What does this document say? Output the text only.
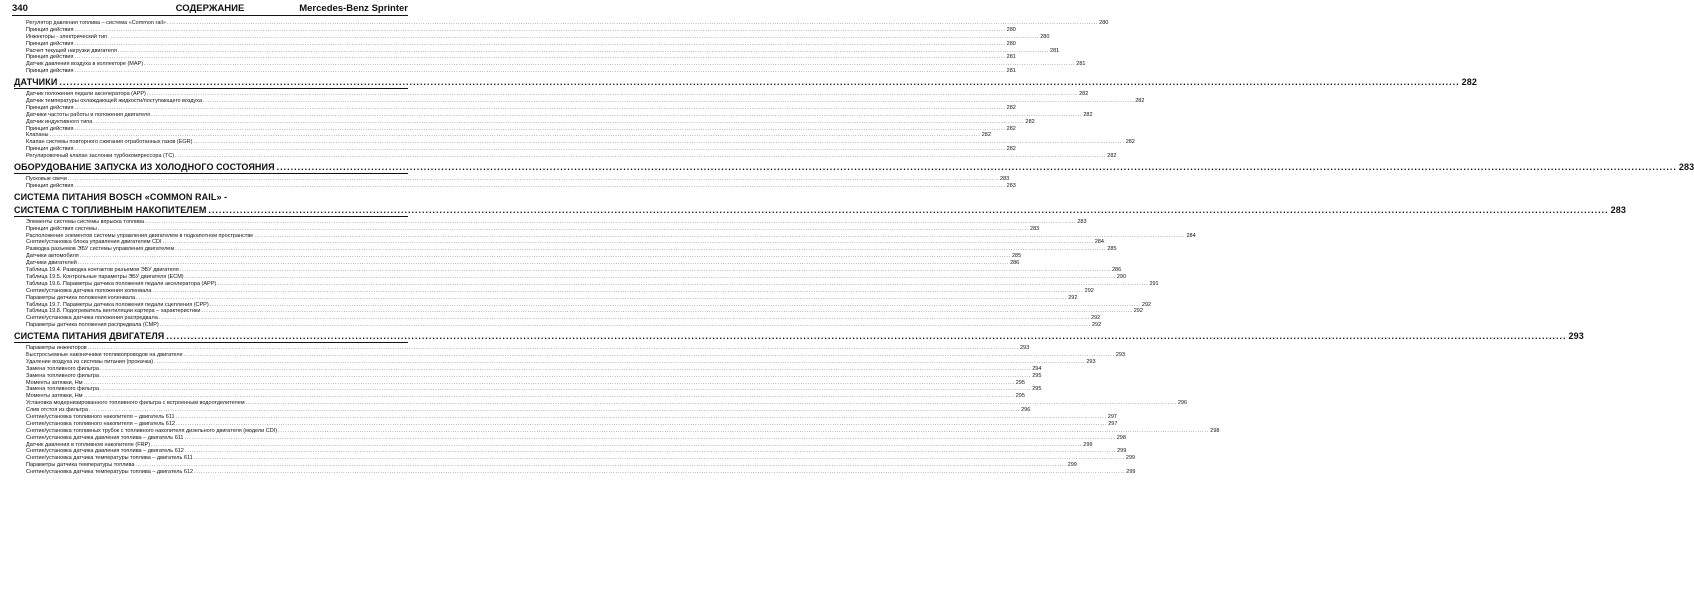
340	СОДЕРЖАНИЕ	Mercedes-Benz Sprinter
Регулятор давления топлива – система «Common rail» ................................................................................................................................................................................................................................................................................................................................................................................................................ 280
Принцип действия ................................................................................................................................................................................................................................................................................................................................................................................................................ 280
Инжекторы - электрический тип ................................................................................................................................................................................................................................................................................................................................................................................................................ 280
Принцип действия ................................................................................................................................................................................................................................................................................................................................................................................................................ 280
Расчет текущей нагрузки двигателя ................................................................................................................................................................................................................................................................................................................................................................................................................ 281
Принцип действия ................................................................................................................................................................................................................................................................................................................................................................................................................ 281
Датчик давления воздуха в коллекторе (MAP) ................................................................................................................................................................................................................................................................................................................................................................................................................ 281
Принцип действия ................................................................................................................................................................................................................................................................................................................................................................................................................ 281
ДАТЧИКИ ................................................................................................................................................................................................................................................................................................................................................................................................................ 282
Датчик положения педали акселератора (APP) ................................................................................................................................................................................................................................................................................................................................................................................................................ 282
Датчик температуры охлаждающей жидкости/поступающего воздуха ................................................................................................................................................................................................................................................................................................................................................................................................................ 282
Принцип действия ................................................................................................................................................................................................................................................................................................................................................................................................................ 282
Датчики частоты работы и положения двигателя ................................................................................................................................................................................................................................................................................................................................................................................................................ 282
Датчик индуктивного типа ................................................................................................................................................................................................................................................................................................................................................................................................................ 282
Принцип действия ................................................................................................................................................................................................................................................................................................................................................................................................................ 282
Клапаны ................................................................................................................................................................................................................................................................................................................................................................................................................ 282
Клапан системы повторного сжигания отработанных газов (EGR) ................................................................................................................................................................................................................................................................................................................................................................................................................ 282
Принцип действия ................................................................................................................................................................................................................................................................................................................................................................................................................ 282
Регулировочный клапан заслонки турбокомпрессора (TC) ................................................................................................................................................................................................................................................................................................................................................................................................................ 282
ОБОРУДОВАНИЕ ЗАПУСКА ИЗ ХОЛОДНОГО СОСТОЯНИЯ ................................................................................................................................................................................................................................................................................................................................................................................................................ 283
Пусковые свечи ................................................................................................................................................................................................................................................................................................................................................................................................................ 283
Принцип действия ................................................................................................................................................................................................................................................................................................................................................................................................................ 283
СИСТЕМА ПИТАНИЯ BOSCH «COMMON RAIL» -
СИСТЕМА С ТОПЛИВНЫМ НАКОПИТЕЛЕМ ................................................................................................................................................................................................................................................................................................................................................................................................................ 283
Элементы системы системы впрыска топлива ................................................................................................................................................................................................................................................................................................................................................................................................................ 283
Принцип действия системы ................................................................................................................................................................................................................................................................................................................................................................................................................ 283
Расположение элементов системы управления двигателем в подкапотном пространстве ................................................................................................................................................................................................................................................................................................................................................................................................................ 284
Снятие/установка блока управления двигателем CDI ................................................................................................................................................................................................................................................................................................................................................................................................................ 284
Разводка разъемов ЭБУ системы управления двигателем ................................................................................................................................................................................................................................................................................................................................................................................................................ 285
Датчики автомобиля ................................................................................................................................................................................................................................................................................................................................................................................................................ 285
Датчики двигателей ................................................................................................................................................................................................................................................................................................................................................................................................................ 286
Таблица 19.4. Разводка контактов разъемов ЭБУ двигателя ................................................................................................................................................................................................................................................................................................................................................................................................................ 286
Таблица 19.5. Контрольные параметры ЭБУ двигателя (ECM) ................................................................................................................................................................................................................................................................................................................................................................................................................ 290
Таблица 19.6. Параметры датчика положения педали акселератора (APP) ................................................................................................................................................................................................................................................................................................................................................................................................................ 291
Снятие/установка датчика положения коленвала ................................................................................................................................................................................................................................................................................................................................................................................................................ 292
Параметры датчика положения коленвала ................................................................................................................................................................................................................................................................................................................................................................................................................ 292
Таблица 19.7. Параметры датчика положения педали сцепления (CPP) ................................................................................................................................................................................................................................................................................................................................................................................................................ 292
Таблица 19.8. Подогреватель вентиляции картера – характеристики ................................................................................................................................................................................................................................................................................................................................................................................................................ 292
Снятие/установка датчика положения распредвала ................................................................................................................................................................................................................................................................................................................................................................................................................ 292
Параметры датчика положения распредвала (CMP) ................................................................................................................................................................................................................................................................................................................................................................................................................ 292
СИСТЕМА ПИТАНИЯ ДВИГАТЕЛЯ ................................................................................................................................................................................................................................................................................................................................................................................................................ 293
Параметры инжекторов ................................................................................................................................................................................................................................................................................................................................................................................................................ 293
Быстросъемные наконечники топливопроводов на двигателе ................................................................................................................................................................................................................................................................................................................................................................................................................ 293
Удаление воздуха из системы питания (прокачка) ................................................................................................................................................................................................................................................................................................................................................................................................................ 293
Замена топливного фильтра ................................................................................................................................................................................................................................................................................................................................................................................................................ 294
Замена топливного фильтра ................................................................................................................................................................................................................................................................................................................................................................................................................ 295
Моменты затяжки, Нм ................................................................................................................................................................................................................................................................................................................................................................................................................ 295
Замена топливного фильтра ................................................................................................................................................................................................................................................................................................................................................................................................................ 295
Моменты затяжки, Нм ................................................................................................................................................................................................................................................................................................................................................................................................................ 295
Установка модернизированного топливного фильтра с встроенным водоотделителем ................................................................................................................................................................................................................................................................................................................................................................................................................ 296
Слив отстоя из фильтра ................................................................................................................................................................................................................................................................................................................................................................................................................ 296
Снятие/установка топливного накопителя – двигатель 611 ................................................................................................................................................................................................................................................................................................................................................................................................................ 297
Снятие/установка топливного накопителя – двигатель 612 ................................................................................................................................................................................................................................................................................................................................................................................................................ 297
Снятие/установка топливных трубок с топливного накопителя дизельного двигателя (модели CDI) ................................................................................................................................................................................................................................................................................................................................................................................................................ 298
Снятие/установка датчика давления топлива – двигатель 611 ................................................................................................................................................................................................................................................................................................................................................................................................................ 298
Датчик давления в топливном накопителе (FRP) ................................................................................................................................................................................................................................................................................................................................................................................................................ 299
Снятие/установка датчика давления топлива – двигатель 612 ................................................................................................................................................................................................................................................................................................................................................................................................................ 299
Снятие/установка датчика температуры топлива – двигатель 611 ................................................................................................................................................................................................................................................................................................................................................................................................................ 299
Параметры датчика температуры топлива ................................................................................................................................................................................................................................................................................................................................................................................................................ 299
Снятие/установка датчика температуры топлива – двигатель 612 ................................................................................................................................................................................................................................................................................................................................................................................................................ 299
